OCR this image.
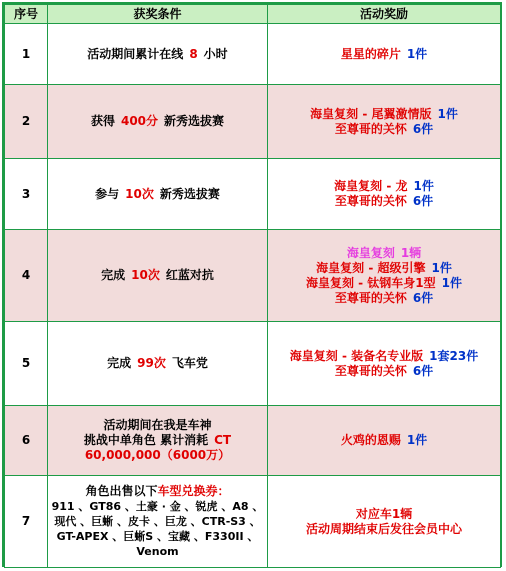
序号	获奖条件	活动奖励
1	活动期间累计在线 8 小时	星星的碎片 1件
2	获得 400分 新秀选拔赛	海皇复刻 - 尾翼激情版 1件
至尊哥的关怀 6件

3	参与 10次 新秀选拔赛	海皇复刻 - 龙 1件
至尊哥的关怀 6件

4	完成 10次 红蓝对抗	海皇复刻 1辆
海皇复刻 - 超级引擎 1件
海皇复刻 - 钛钢车身1型 1件
至尊哥的关怀 6件

5	完成 99次 飞车党	海皇复刻 - 装备名专业版 1套23件
至尊哥的关怀 6件

6	活动期间在我是车神
挑战中单角色 累计消耗 CT
60,000,000（6000万）	火鸡的恩赐 1件
7	角色出售以下车型兑换券：
911 、GT86 、土豪 · 金 、锐虎 、A8 、
现代 、巨蜥 、皮卡 、巨龙 、CTR-S3 、
GT-APEX 、巨蜥S 、宝藏 、F330II 、
Venom	对应车1辆
活动周期结束后发往会员中心
